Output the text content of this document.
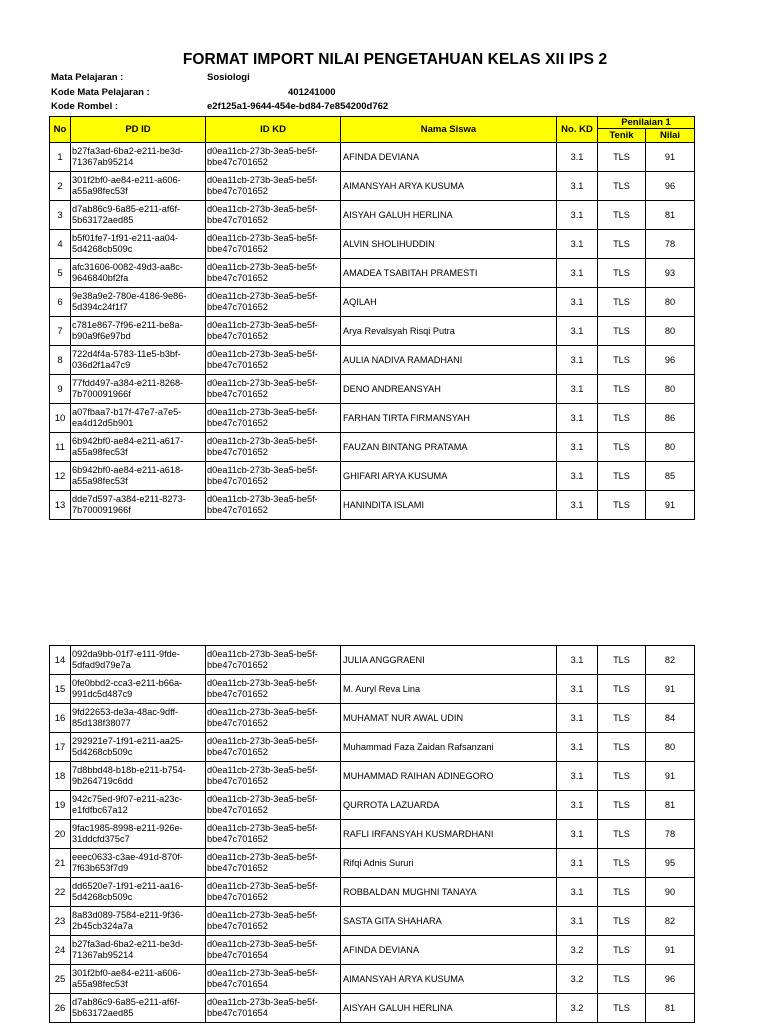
FORMAT IMPORT NILAI PENGETAHUAN KELAS XII IPS 2
Mata Pelajaran :	Sosiologi
Kode Mata Pelajaran :	401241000
Kode Rombel :	e2f125a1-9644-454e-bd84-7e854200d762
No	PD ID	ID KD	Nama Siswa	No. KD	Penilaian 1	
					Tenik	Nilai
1	b27fa3ad-6ba2-e211-be3d-71367ab95214	d0ea11cb-273b-3ea5-be5f-bbe47c701652	AFINDA DEVIANA	3.1	TLS	91
2	301f2bf0-ae84-e211-a606-a55a98fec53f	d0ea11cb-273b-3ea5-be5f-bbe47c701652	AIMANSYAH ARYA KUSUMA	3.1	TLS	96
3	d7ab86c9-6a85-e211-af6f-5b63172aed85	d0ea11cb-273b-3ea5-be5f-bbe47c701652	AISYAH GALUH HERLINA	3.1	TLS	81
4	b5f01fe7-1f91-e211-aa04-5d4268cb509c	d0ea11cb-273b-3ea5-be5f-bbe47c701652	ALVIN SHOLIHUDDIN	3.1	TLS	78
5	afc31606-0082-49d3-aa8c-9646840bf2fa	d0ea11cb-273b-3ea5-be5f-bbe47c701652	AMADEA TSABITAH PRAMESTI	3.1	TLS	93
6	9e38a9e2-780e-4186-9e86-5d394c24f1f7	d0ea11cb-273b-3ea5-be5f-bbe47c701652	AQILAH	3.1	TLS	80
7	c781e867-7f96-e211-be8a-b90a9f6e97bd	d0ea11cb-273b-3ea5-be5f-bbe47c701652	Arya Revalsyah Risqi Putra	3.1	TLS	80
8	722d4f4a-5783-11e5-b3bf-036d2f1a47c9	d0ea11cb-273b-3ea5-be5f-bbe47c701652	AULIA NADIVA RAMADHANI	3.1	TLS	96
9	77fdd497-a384-e211-8268-7b700091966f	d0ea11cb-273b-3ea5-be5f-bbe47c701652	DENO ANDREANSYAH	3.1	TLS	80
10	a07fbaa7-b17f-47e7-a7e5-ea4d12d5b901	d0ea11cb-273b-3ea5-be5f-bbe47c701652	FARHAN TIRTA FIRMANSYAH	3.1	TLS	86
11	6b942bf0-ae84-e211-a617-a55a98fec53f	d0ea11cb-273b-3ea5-be5f-bbe47c701652	FAUZAN BINTANG PRATAMA	3.1	TLS	80
12	6b942bf0-ae84-e211-a618-a55a98fec53f	d0ea11cb-273b-3ea5-be5f-bbe47c701652	GHIFARI ARYA KUSUMA	3.1	TLS	85
13	dde7d597-a384-e211-8273-7b700091966f	d0ea11cb-273b-3ea5-be5f-bbe47c701652	HANINDITA ISLAMI	3.1	TLS	91
14	092da9bb-01f7-e111-9fde-5dfad9d79e7a	d0ea11cb-273b-3ea5-be5f-bbe47c701652	JULIA ANGGRAENI	3.1	TLS	82
15	0fe0bbd2-cca3-e211-b66a-991dc5d487c9	d0ea11cb-273b-3ea5-be5f-bbe47c701652	M. Auryl Reva Lina	3.1	TLS	91
16	9fd22653-de3a-48ac-9dff-85d138f38077	d0ea11cb-273b-3ea5-be5f-bbe47c701652	MUHAMAT NUR AWAL UDIN	3.1	TLS	84
17	292921e7-1f91-e211-aa25-5d4268cb509c	d0ea11cb-273b-3ea5-be5f-bbe47c701652	Muhammad Faza Zaidan Rafsanzani	3.1	TLS	80
18	7d8bbd48-b18b-e211-b754-9b264719c6dd	d0ea11cb-273b-3ea5-be5f-bbe47c701652	MUHAMMAD RAIHAN ADINEGORO	3.1	TLS	91
19	942c75ed-9f07-e211-a23c-e1fdfbc67a12	d0ea11cb-273b-3ea5-be5f-bbe47c701652	QURROTA LAZUARDA	3.1	TLS	81
20	9fac1985-8998-e211-926e-31ddcfd375c7	d0ea11cb-273b-3ea5-be5f-bbe47c701652	RAFLI IRFANSYAH KUSMARDHANI	3.1	TLS	78
21	eeec0633-c3ae-491d-870f-7f63b653f7d9	d0ea11cb-273b-3ea5-be5f-bbe47c701652	Rifqi Adnis Sururi	3.1	TLS	95
22	dd6520e7-1f91-e211-aa16-5d4268cb509c	d0ea11cb-273b-3ea5-be5f-bbe47c701652	ROBBALDAN MUGHNI TANAYA	3.1	TLS	90
23	8a83d089-7584-e211-9f36-2b45cb324a7a	d0ea11cb-273b-3ea5-be5f-bbe47c701652	SASTA GITA SHAHARA	3.1	TLS	82
24	b27fa3ad-6ba2-e211-be3d-71367ab95214	d0ea11cb-273b-3ea5-be5f-bbe47c701654	AFINDA DEVIANA	3.2	TLS	91
25	301f2bf0-ae84-e211-a606-a55a98fec53f	d0ea11cb-273b-3ea5-be5f-bbe47c701654	AIMANSYAH ARYA KUSUMA	3.2	TLS	96
26	d7ab86c9-6a85-e211-af6f-5b63172aed85	d0ea11cb-273b-3ea5-be5f-bbe47c701654	AISYAH GALUH HERLINA	3.2	TLS	81
